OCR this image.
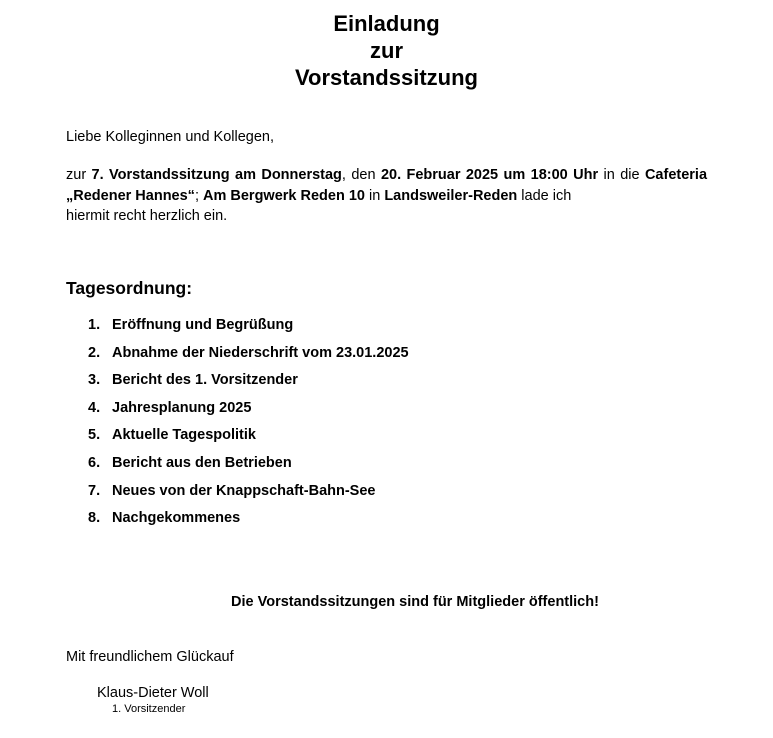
Einladung
zur
Vorstandssitzung
Liebe Kolleginnen und Kollegen,
zur 7. Vorstandssitzung am Donnerstag, den 20. Februar 2025 um 18:00 Uhr in die Cafeteria „Redener Hannes“; Am Bergwerk Reden 10 in Landsweiler-Reden lade ich
hiermit recht herzlich ein.
Tagesordnung:
1. Eröffnung und Begrüßung
2. Abnahme der Niederschrift vom 23.01.2025
3. Bericht des 1. Vorsitzender
4. Jahresplanung 2025
5. Aktuelle Tagespolitik
6. Bericht aus den Betrieben
7. Neues von der Knappschaft-Bahn-See
8. Nachgekommenes
Die Vorstandssitzungen sind für Mitglieder öffentlich!
Mit freundlichem Glückauf
Klaus-Dieter Woll
1. Vorsitzender
